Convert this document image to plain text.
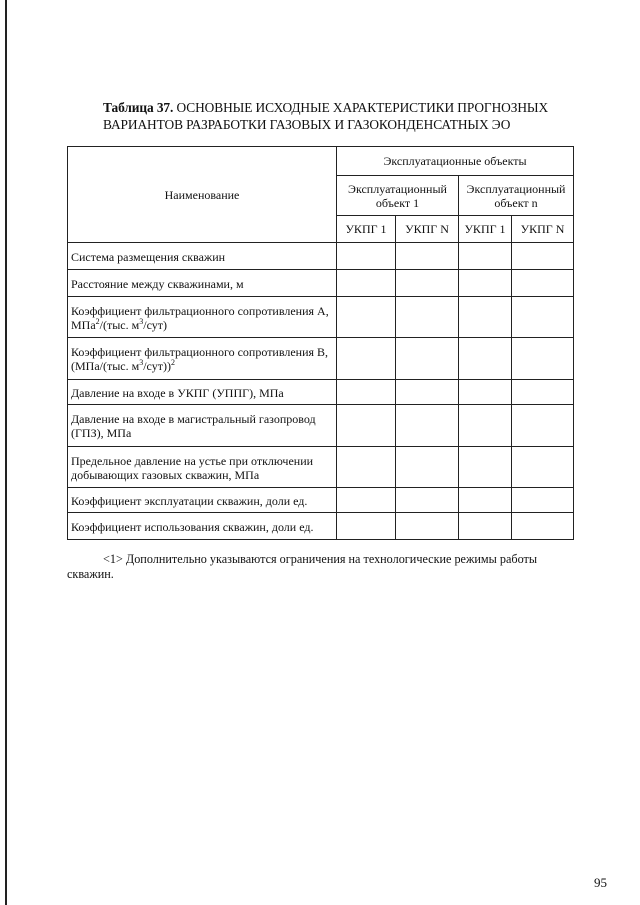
Таблица 37. ОСНОВНЫЕ ИСХОДНЫЕ ХАРАКТЕРИСТИКИ ПРОГНОЗНЫХ ВАРИАНТОВ РАЗРАБОТКИ ГАЗОВЫХ И ГАЗОКОНДЕНСАТНЫХ ЭО
Наименование	Эксплуатационные объекты			
	Эксплуатационный объект 1		Эксплуатационный объект n	
	УКПГ 1	УКПГ N	УКПГ 1	УКПГ N
Система размещения скважин				
Расстояние между скважинами, м				
Коэффициент фильтрационного сопротивления A, МПа$^2$/(тыс. $м^3/сут$)				
Коэффициент фильтрационного сопротивления B, (МПа/(тыс. $м^3/сут))^2$				
Давление на входе в УКПГ (УППГ), МПа				
Давление на входе в магистральный газопровод (ГПЗ), МПа				
Предельное давление на устье при отключении добывающих газовых скважин, МПа				
Коэффициент эксплуатации скважин, доли ед.				
Коэффициент использования скважин, доли ед.				
<1> Дополнительно указываются ограничения на технологические режимы работы скважин.
95
